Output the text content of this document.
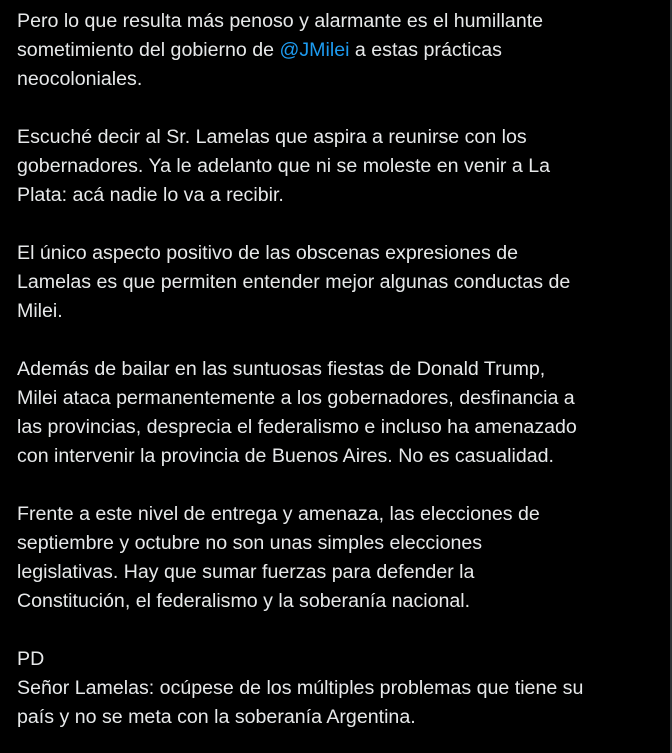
Pero lo que resulta más penoso y alarmante es el humillante
sometimiento del gobierno de @JMilei a estas prácticas
neocoloniales.

Escuché decir al Sr. Lamelas que aspira a reunirse con los
gobernadores. Ya le adelanto que ni se moleste en venir a La
Plata: acá nadie lo va a recibir.

El único aspecto positivo de las obscenas expresiones de
Lamelas es que permiten entender mejor algunas conductas de
Milei.

Además de bailar en las suntuosas fiestas de Donald Trump,
Milei ataca permanentemente a los gobernadores, desfinancia a
las provincias, desprecia el federalismo e incluso ha amenazado
con intervenir la provincia de Buenos Aires. No es casualidad.

Frente a este nivel de entrega y amenaza, las elecciones de
septiembre y octubre no son unas simples elecciones
legislativas. Hay que sumar fuerzas para defender la
Constitución, el federalismo y la soberanía nacional.

PD
Señor Lamelas: ocúpese de los múltiples problemas que tiene su
país y no se meta con la soberanía Argentina.
